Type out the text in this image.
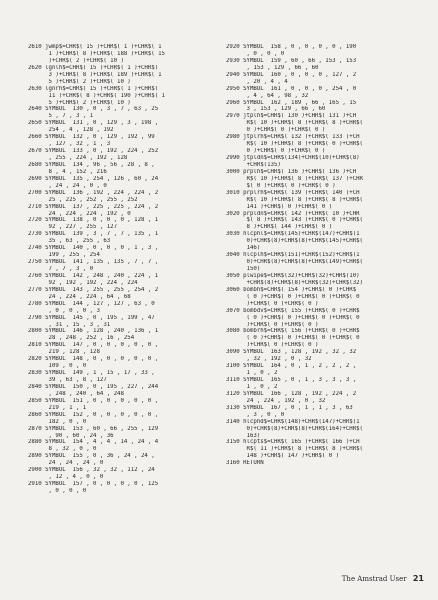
2610 jwmp$=CHR$( 15 )+CHR$( 1 )+CHR$( 1
1 )+CHR$( 8 )+CHR$( 188 )+CHR$( 15
)+CHR$( 2 )+CHR$( 10 )
2620 lgnlh$=CHR$( 15 )+CHR$( 1 )+CHR$(
3 )+CHR$( 8 )+CHR$( 189 )+CHR$( 1
5 )+CHR$( 2 )+CHR$( 10 )
2630 lgnrh$=CHR$( 15 )+CHR$( 1 )+CHR$(
11 )+CHR$( 8 )+CHR$( 190 )+CHR$( 1
5 )+CHR$( 2 )+CHR$( 10 )
2640 SYMBOL  130 , 0 , 3 , 7 , 63 , 25
5 , 7 , 3 , 1
2650 SYMBOL  131 , 0 , 129 , 3 , 198 ,
254 , 4 , 128 , 192
2660 SYMBOL  132 , 0 , 129 , 192 , 99
, 127 , 32 , 1 , 3
2670 SYMBOL  133 , 0 , 192 , 224 , 252
, 255 , 224 , 192 , 128
2680 SYMBOL  134 , 96 , 56 , 28 , 8 ,
8 , 4 , 152 , 216
2690 SYMBOL  135 , 254 , 126 , 60 , 24
, 24 , 24 , 0 , 0
2700 SYMBOL  136 , 192 , 224 , 224 , 2
25 , 225 , 252 , 255 , 252
2710 SYMBOL  137 , 225 , 225 , 224 , 2
24 , 224 , 224 , 192 , 0
2720 SYMBOL  138 , 0 , 0 , 0 , 128 , 1
92 , 227 , 255 , 127
2730 SYMBOL  139 , 3 , 7 , 7 , 135 , 1
35 , 63 , 255 , 63
2740 SYMBOL  140 , 0 , 0 , 0 , 1 , 3 ,
199 , 255 , 254
2750 SYMBOL  141 , 135 , 135 , 7 , 7 ,
7 , 7 , 3 , 0
2760 SYMBOL  142 , 248 , 240 , 224 , 1
92 , 192 , 192 , 224 , 224
2770 SYMBOL  143 , 255 , 255 , 254 , 2
24 , 224 , 224 , 64 , 68
2780 SYMBOL  144 , 127 , 127 , 63 , 0
, 0 , 0 , 0 , 3
2790 SYMBOL  145 , 0 , 195 , 199 , 47
, 31 , 15 , 3 , 31
2800 SYMBOL  146 , 128 , 240 , 136 , 1
28 , 248 , 252 , 16 , 254
2810 SYMBOL  147 , 0 , 0 , 0 , 0 , 0 ,
219 , 128 , 128
2820 SYMBOL  148 , 0 , 0 , 0 , 0 , 0 ,
109 , 0 , 0
2830 SYMBOL  149 , 1 , 15 , 17 , 33 ,
39 , 63 , 8 , 127
2840 SYMBOL  150 , 0 , 195 , 227 , 244
, 248 , 240 , 64 , 248
2850 SYMBOL  151 , 0 , 0 , 0 , 0 , 0 ,
219 , 1 , 1
2860 SYMBOL  152 , 0 , 0 , 0 , 0 , 0 ,
182 , 0 , 0
2870 SYMBOL  153 , 60 , 66 , 255 , 129
, 90 , 60 , 24 , 36
2880 SYMBOL  154 , 4 , 4 , 14 , 24 , 4
8 , 32 , 0 , 0
2890 SYMBOL  155 , 0 , 36 , 24 , 24 ,
24 , 24 , 24 , 0
2900 SYMBOL  156 , 32 , 32 , 112 , 24
, 12 , 4 , 0 , 0
2910 SYMBOL  157 , 0 , 0 , 0 , 0 , 125
, 0 , 0 , 0
2920 SYMBOL  158 , 0 , 0 , 0 , 0 , 190
, 0 , 0 , 0
2930 SYMBOL  159 , 60 , 66 , 153 , 153
, 153 , 129 , 66 , 60
2940 SYMBOL  160 , 0 , 0 , 0 , 127 , 2
, 20 , 4 , 4
2950 SYMBOL  161 , 0 , 0 , 0 , 254 , 0
, 4 , 64 , 98 , 32
2960 SYMBOL  162 , 189 , 66 , 165 , 15
3 , 153 , 129 , 66 , 60
2970 jtplh$=CHR$( 130 )+CHR$( 131 )+CH
R$( 10 )+CHR$( 8 )+CHR$( 8 )+CHR$(
0 )+CHR$( 0 )+CHR$( 0 )
2980 jtplrh$=CHR$( 132 )+CHR$( 133 )+CH
R$( 10 )+CHR$( 8 )+CHR$( 0 )+CHR$(
0 )+CHR$( 0 )+CHR$( 0 )
2990 jtpldn$=CHR$(134)+CHR$(10)+CHR$(8)
+CHR$(135)
3000 prplh$=CHR$( 136 )+CHR$( 136 )+CH
R$( 10 )+CHR$( 8 )+CHR$( 137 )+CHR
$( 0 )+CHR$( 0 )+CHR$( 0 )
3010 prplrh$=CHR$( 139 )+CHR$( 140 )+CH
R$( 10 )+CHR$( 8 )+CHR$( 8 )+CHR$(
141 )+CHR$( 0 )+CHR$( 0 )
3020 prpldn$=CHR$( 142 )+CHR$( 10 )+CHR
$( 8 )+CHR$( 143 )+CHR$( 0 )+CHR$(
8 )+CHR$( 144 )+CHR$( 0 )
3030 hlcphl$=CHR$(145)+CHR$(147)+CHR$(1
0)+CHR$(8)+CHR$(8)+CHR$(145)+CHR$(
146)
3040 hlcplh$=CHR$(151)+CHR$(152)+CHR$(1
0)+CHR$(8)+CHR$(8)+CHR$(149)+CHR$(
150)
3050 plwipe$=CHR$(32)+CHR$(32)+CHR$(10)
+CHR$(8)+CHR$(8)+CHR$(32)+CHR$(32)
3060 bombh$=CHR$( 154 )+CHR$( 0 )+CHR$
( 0 )+CHR$( 0 )+CHR$( 0 )+CHR$( 0
)+CHR$( 0 )+CHR$( 0 )
3070 bombdv$=CHR$( 155 )+CHR$( 0 )+CHR$
( 0 )+CHR$( 0 )+CHR$( 0 )+CHR$( 0
)+CHR$( 0 )+CHR$( 0 )
3080 bombrh$=CHR$( 156 )+CHR$( 0 )+CHR$
( 0 )+CHR$( 0 )+CHR$( 0 )+CHR$( 0
)+CHR$( 0 )+CHR$( 0 )
3090 SYMBOL  163 , 128 , 192 , 32 , 32
, 32 , 192 , 0 , 32
3100 SYMBOL  164 , 0 , 1 , 2 , 2 , 2 ,
1 , 0 , 2
3110 SYMBOL  165 , 0 , 1 , 3 , 3 , 3 ,
1 , 0 , 2
3120 SYMBOL  166 , 128 , 192 , 224 , 2
24 , 224 , 192 , 0 , 32
3130 SYMBOL  167 , 0 , 1 , 1 , 3 , 63
, 3 , 0 , 0
3140 hlcphd$=CHR$(148)+CHR$(147)+CHR$(1
0)+CHR$(8)+CHR$(8)+CHR$(164)+CHR$(
163)
3150 hlcpts$=CHR$( 165 )+CHR$( 166 )+CH
R$( 11 )+CHR$( 8 )+CHR$( 8 )+CHR$(
148 )+CHR$( 147 )+CHR$( 0 )
3160 RETURN
The Amstrad User 21
